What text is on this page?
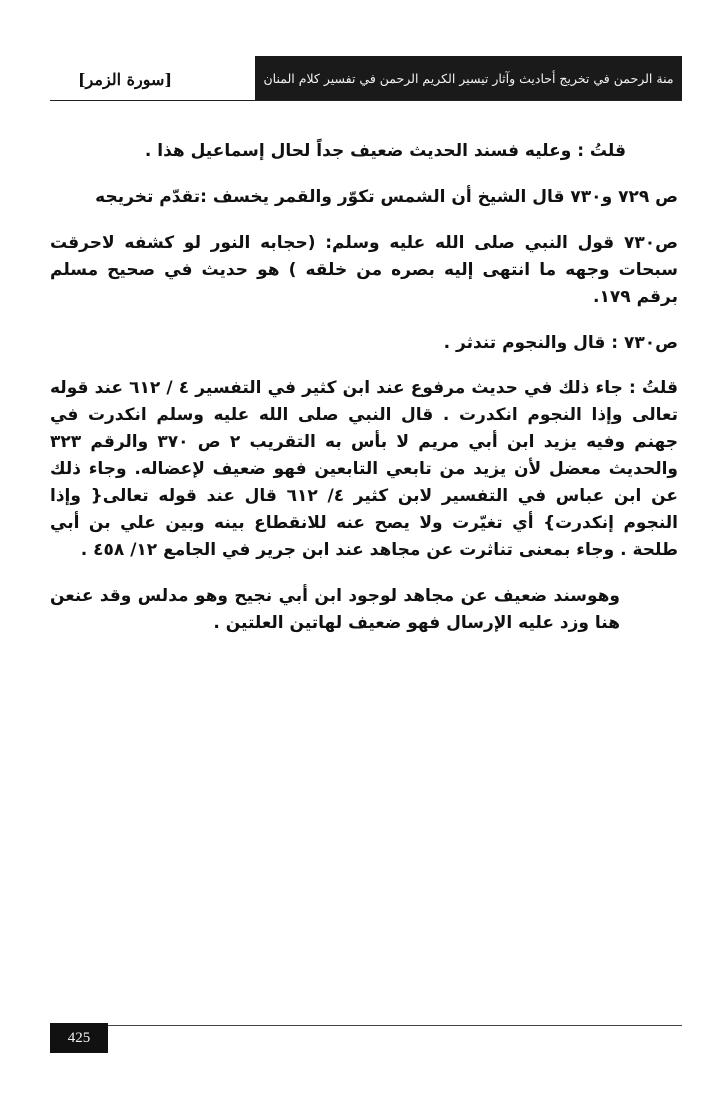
منة الرحمن في تخريج أحاديث وآثار تيسير الكريم الرحمن في تفسير كلام المنان
[سورة الزمر]

قلتُ : وعليه فسند الحديث ضعيف جداً لحال إسماعيل هذا .

ص ٧٢٩ و٧٣٠ قال الشيخ أن الشمس تكوّر والقمر يخسف :تقدّم تخريجه

ص٧٣٠ قول النبي صلى الله عليه وسلم: (حجابه النور لو كشفه لاحرقت سبحات وجهه ما انتهى إليه بصره من خلقه ) هو حديث في صحيح مسلم برقم ١٧٩.

ص٧٣٠ : قال والنجوم تندثر .

قلتُ : جاء ذلك في حديث مرفوع عند ابن كثير في التفسير ٤ / ٦١٢ عند قوله تعالى وإذا النجوم انكدرت . قال النبي صلى الله عليه وسلم انكدرت في جهنم وفيه يزيد ابن أبي مريم لا بأس به التقريب ٢ ص ٣٧٠ والرقم ٣٢٣ والحديث معضل لأن يزيد من تابعي التابعين فهو ضعيف لإعضاله. وجاء ذلك عن ابن عباس في التفسير لابن كثير ٤/ ٦١٢ قال عند قوله تعالى{ وإذا النجوم إنكدرت} أي تغيّرت ولا يصح عنه للانقطاع بينه وبين علي بن أبي طلحة . وجاء بمعنى تناثرت عن مجاهد عند ابن جرير في الجامع ١٢/ ٤٥٨ .

وهوسند ضعيف عن مجاهد لوجود ابن أبي نجيح وهو مدلس وقد عنعن هنا وزد عليه الإرسال فهو ضعيف لهاتين العلتين .

425
